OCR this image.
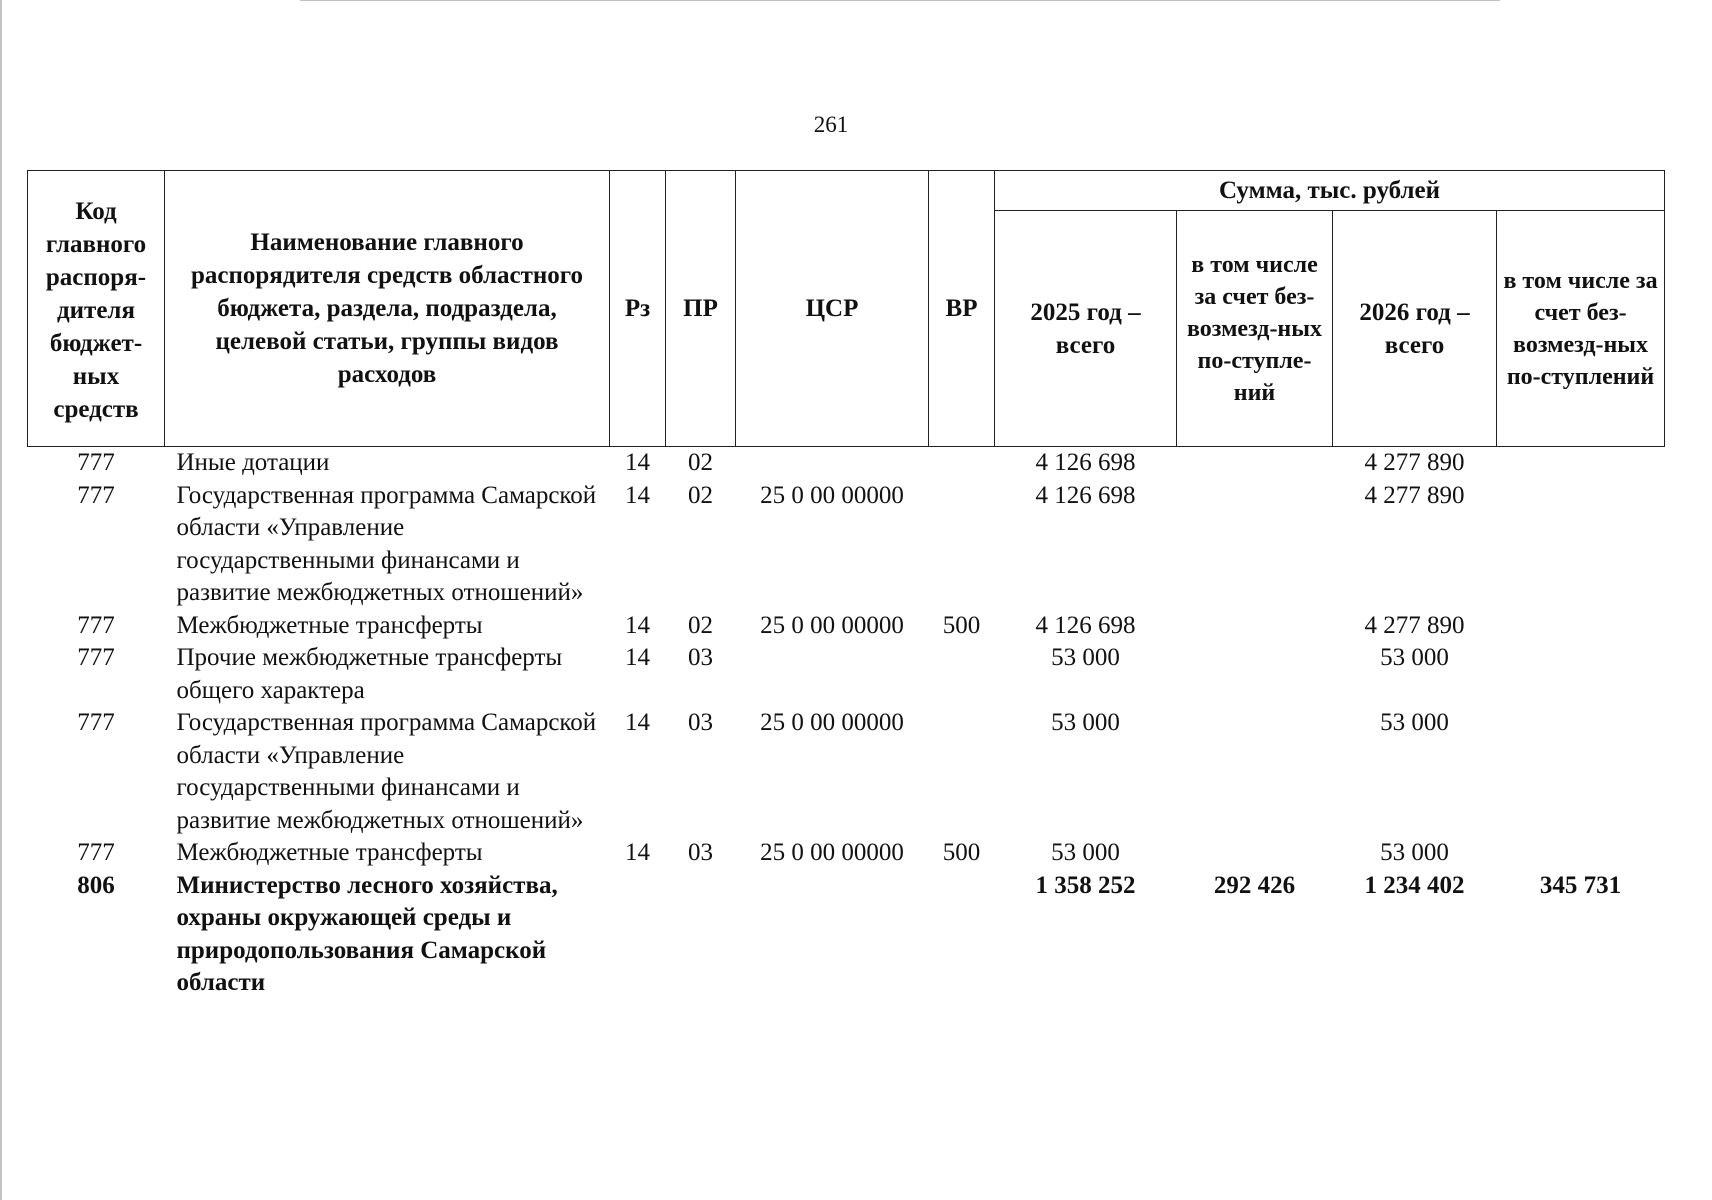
261
Код главного распоря-дителя бюджет-ных средств	Наименование главного распорядителя средств областного бюджета, раздела, подраздела, целевой статьи, группы видов расходов	Рз	ПР	ЦСР	ВР	Сумма, тыс. рублей			
						2025 год – всего	в том числе за счет без-возмезд-ных по-ступле-ний	2026 год – всего	в том числе за счет без-возмезд-ных по-ступлений
777	Иные дотации	14	02			4 126 698		4 277 890	
777	Государственная программа Самарской области «Управление государственными финансами и развитие межбюджетных отношений»	14	02	25 0 00 00000		4 126 698		4 277 890	
777	Межбюджетные трансферты	14	02	25 0 00 00000	500	4 126 698		4 277 890	
777	Прочие межбюджетные трансферты общего характера	14	03			53 000		53 000	
777	Государственная программа Самарской области «Управление государственными финансами и развитие межбюджетных отношений»	14	03	25 0 00 00000		53 000		53 000	
777	Межбюджетные трансферты	14	03	25 0 00 00000	500	53 000		53 000	
806	Министерство лесного хозяйства, охраны окружающей среды и природопользования Самарской области					1 358 252	292 426	1 234 402	345 731
